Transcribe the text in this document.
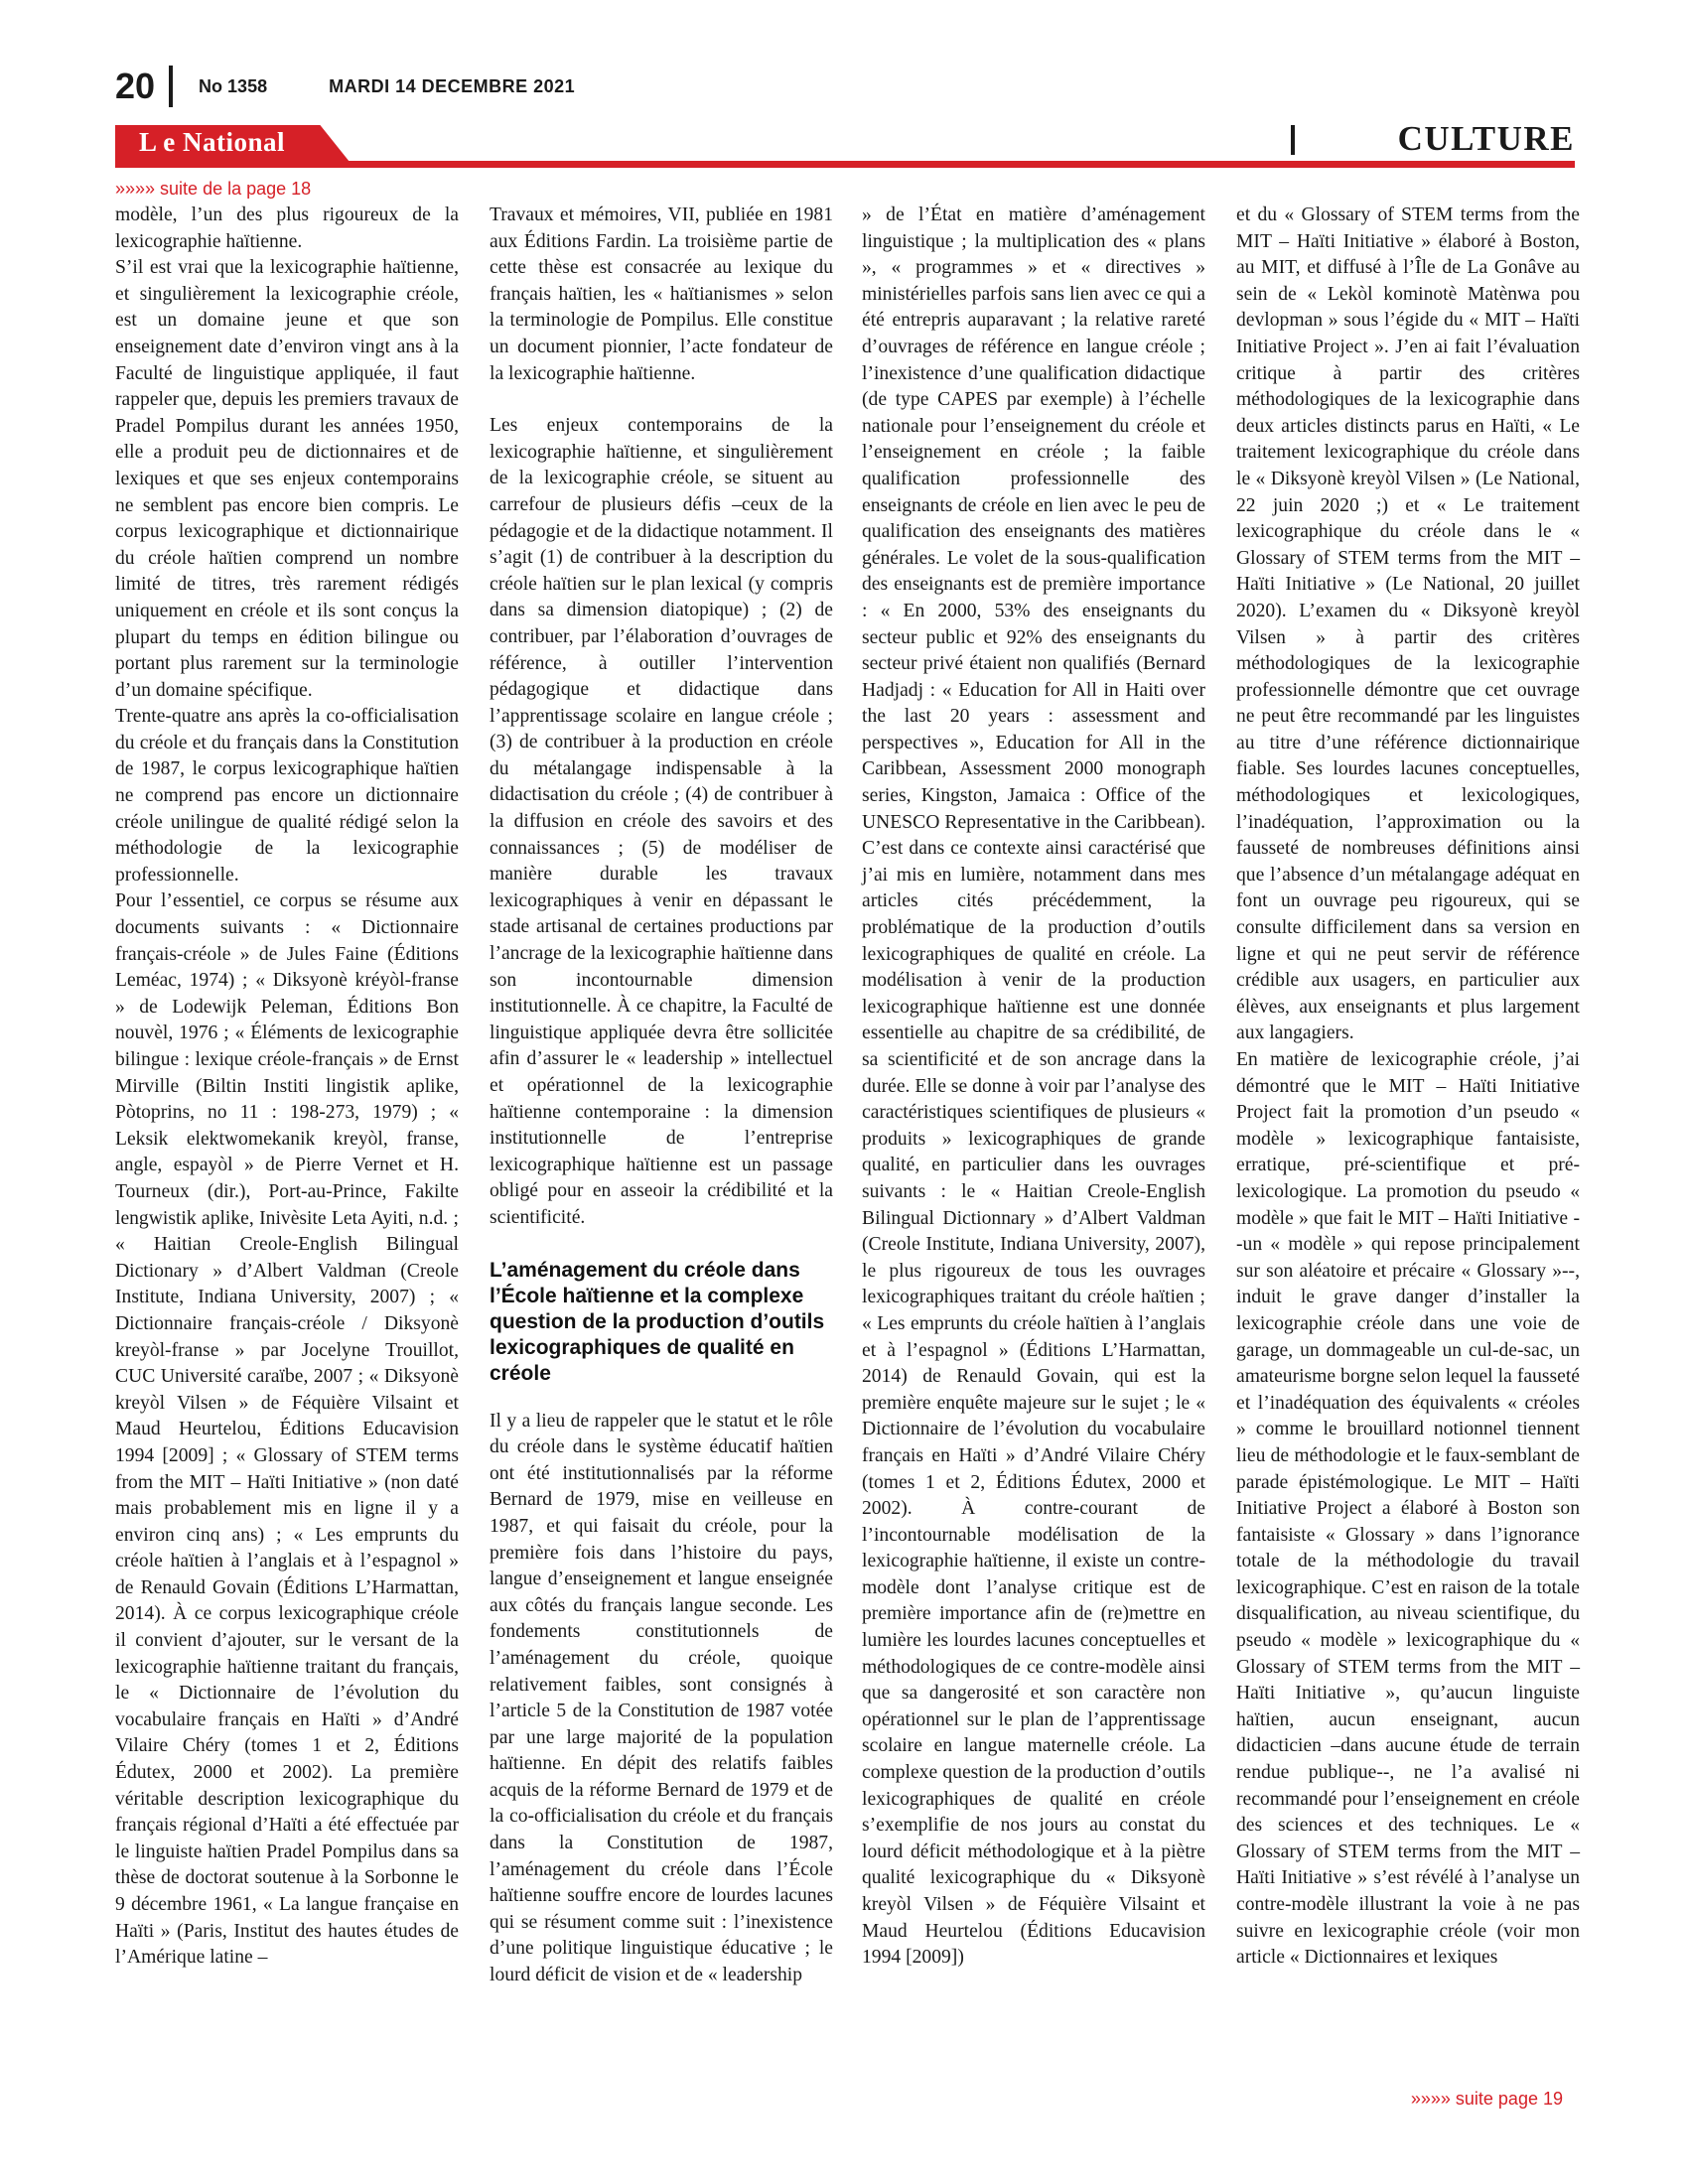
20 No 1358	MARDI 14 DECEMBRE 2021
L e National	CULTURE
»»»» suite de la page 18

modèle, l’un des plus rigoureux de la lexicographie haïtienne.

S’il est vrai que la lexicographie haïtienne, et singulièrement la lexicographie créole, est un domaine jeune et que son enseignement date d’environ vingt ans à la Faculté de linguistique appliquée, il faut rappeler que, depuis les premiers travaux de Pradel Pompilus durant les années 1950, elle a produit peu de dictionnaires et de lexiques et que ses enjeux contemporains ne semblent pas encore bien compris. Le corpus lexicographique et dictionnairique du créole haïtien comprend un nombre limité de titres, très rarement rédigés uniquement en créole et ils sont conçus la plupart du temps en édition bilingue ou portant plus rarement sur la terminologie d’un domaine spécifique.

Trente-quatre ans après la co-officialisation du créole et du français dans la Constitution de 1987, le corpus lexicographique haïtien ne comprend pas encore un dictionnaire créole unilingue de qualité rédigé selon la méthodologie de la lexicographie professionnelle.

Pour l’essentiel, ce corpus se résume aux documents suivants : « Dictionnaire français-créole » de Jules Faine (Éditions Leméac, 1974) ; « Diksyonè kréyòl-franse » de Lodewijk Peleman, Éditions Bon nouvèl, 1976 ; « Éléments de lexicographie bilingue : lexique créole-français » de Ernst Mirville (Biltin Institi lingistik aplike, Pòtoprins, no 11 : 198-273, 1979) ; « Leksik elektwomekanik kreyòl, franse, angle, espayòl » de Pierre Vernet et H. Tourneux (dir.), Port-au-Prince, Fakilte lengwistik aplike, Inivèsite Leta Ayiti, n.d. ; « Haitian Creole-English Bilingual Dictionary » d’Albert Valdman (Creole Institute, Indiana University, 2007) ; « Dictionnaire français-créole / Diksyonè kreyòl-franse » par Jocelyne Trouillot, CUC Université caraïbe, 2007 ; « Diksyonè kreyòl Vilsen » de Féquière Vilsaint et Maud Heurtelou, Éditions Educavision 1994 [2009] ; « Glossary of STEM terms from the MIT – Haïti Initiative » (non daté mais probablement mis en ligne il y a environ cinq ans) ; « Les emprunts du créole haïtien à l’anglais et à l’espagnol » de Renauld Govain (Éditions L’Harmattan, 2014). À ce corpus lexicographique créole il convient d’ajouter, sur le versant de la lexicographie haïtienne traitant du français, le « Dictionnaire de l’évolution du vocabulaire français en Haïti » d’André Vilaire Chéry (tomes 1 et 2, Éditions Édutex, 2000 et 2002). La première véritable description lexicographique du français régional d’Haïti a été effectuée par le linguiste haïtien Pradel Pompilus dans sa thèse de doctorat soutenue à la Sorbonne le 9 décembre 1961, « La langue française en Haïti » (Paris, Institut des hautes études de l’Amérique latine –

Travaux et mémoires, VII, publiée en 1981 aux Éditions Fardin. La troisième partie de cette thèse est consacrée au lexique du français haïtien, les « haïtianismes » selon la terminologie de Pompilus. Elle constitue un document pionnier, l’acte fondateur de la lexicographie haïtienne.

Les enjeux contemporains de la lexicographie haïtienne, et singulièrement de la lexicographie créole, se situent au carrefour de plusieurs défis –ceux de la pédagogie et de la didactique notamment. Il s’agit (1) de contribuer à la description du créole haïtien sur le plan lexical (y compris dans sa dimension diatopique) ; (2) de contribuer, par l’élaboration d’ouvrages de référence, à outiller l’intervention pédagogique et didactique dans l’apprentissage scolaire en langue créole ; (3) de contribuer à la production en créole du métalangage indispensable à la didactisation du créole ; (4) de contribuer à la diffusion en créole des savoirs et des connaissances ; (5) de modéliser de manière durable les travaux lexicographiques à venir en dépassant le stade artisanal de certaines productions par l’ancrage de la lexicographie haïtienne dans son incontournable dimension institutionnelle. À ce chapitre, la Faculté de linguistique appliquée devra être sollicitée afin d’assurer le « leadership » intellectuel et opérationnel de la lexicographie haïtienne contemporaine : la dimension institutionnelle de l’entreprise lexicographique haïtienne est un passage obligé pour en asseoir la crédibilité et la scientificité.

L’aménagement du créole dans l’École haïtienne et la complexe question de la production d’outils lexicographiques de qualité en créole

Il y a lieu de rappeler que le statut et le rôle du créole dans le système éducatif haïtien ont été institutionnalisés par la réforme Bernard de 1979, mise en veilleuse en 1987, et qui faisait du créole, pour la première fois dans l’histoire du pays, langue d’enseignement et langue enseignée aux côtés du français langue seconde. Les fondements constitutionnels de l’aménagement du créole, quoique relativement faibles, sont consignés à l’article 5 de la Constitution de 1987 votée par une large majorité de la population haïtienne. En dépit des relatifs faibles acquis de la réforme Bernard de 1979 et de la co-officialisation du créole et du français dans la Constitution de 1987, l’aménagement du créole dans l’École haïtienne souffre encore de lourdes lacunes qui se résument comme suit : l’inexistence d’une politique linguistique éducative ; le lourd déficit de vision et de « leadership

» de l’État en matière d’aménagement linguistique ; la multiplication des « plans », « programmes » et « directives » ministérielles parfois sans lien avec ce qui a été entrepris auparavant ; la relative rareté d’ouvrages de référence en langue créole ; l’inexistence d’une qualification didactique (de type CAPES par exemple) à l’échelle nationale pour l’enseignement du créole et l’enseignement en créole ; la faible qualification professionnelle des enseignants de créole en lien avec le peu de qualification des enseignants des matières générales. Le volet de la sous-qualification des enseignants est de première importance : « En 2000, 53% des enseignants du secteur public et 92% des enseignants du secteur privé étaient non qualifiés (Bernard Hadjadj : « Education for All in Haiti over the last 20 years : assessment and perspectives », Education for All in the Caribbean, Assessment 2000 monograph series, Kingston, Jamaica : Office of the UNESCO Representative in the Caribbean). C’est dans ce contexte ainsi caractérisé que j’ai mis en lumière, notamment dans mes articles cités précédemment, la problématique de la production d’outils lexicographiques de qualité en créole. La modélisation à venir de la production lexicographique haïtienne est une donnée essentielle au chapitre de sa crédibilité, de sa scientificité et de son ancrage dans la durée. Elle se donne à voir par l’analyse des caractéristiques scientifiques de plusieurs « produits » lexicographiques de grande qualité, en particulier dans les ouvrages suivants : le « Haitian Creole-English Bilingual Dictionnary » d’Albert Valdman (Creole Institute, Indiana University, 2007), le plus rigoureux de tous les ouvrages lexicographiques traitant du créole haïtien ; « Les emprunts du créole haïtien à l’anglais et à l’espagnol » (Éditions L’Harmattan, 2014) de Renauld Govain, qui est la première enquête majeure sur le sujet ; le « Dictionnaire de l’évolution du vocabulaire français en Haïti » d’André Vilaire Chéry (tomes 1 et 2, Éditions Édutex, 2000 et 2002). À contre-courant de l’incontournable modélisation de la lexicographie haïtienne, il existe un contre-modèle dont l’analyse critique est de première importance afin de (re)mettre en lumière les lourdes lacunes conceptuelles et méthodologiques de ce contre-modèle ainsi que sa dangerosité et son caractère non opérationnel sur le plan de l’apprentissage scolaire en langue maternelle créole. La complexe question de la production d’outils lexicographiques de qualité en créole s’exemplifie de nos jours au constat du lourd déficit méthodologique et à la piètre qualité lexicographique du « Diksyonè kreyòl Vilsen » de Féquière Vilsaint et Maud Heurtelou (Éditions Educavision 1994 [2009])

et du « Glossary of STEM terms from the MIT – Haïti Initiative » élaboré à Boston, au MIT, et diffusé à l’Île de La Gonâve au sein de « Lekòl kominotè Matènwa pou devlopman » sous l’égide du « MIT – Haïti Initiative Project ». J’en ai fait l’évaluation critique à partir des critères méthodologiques de la lexicographie dans deux articles distincts parus en Haïti, « Le traitement lexicographique du créole dans le « Diksyonè kreyòl Vilsen » (Le National, 22 juin 2020 ;) et « Le traitement lexicographique du créole dans le « Glossary of STEM terms from the MIT – Haïti Initiative » (Le National, 20 juillet 2020). L’examen du « Diksyonè kreyòl Vilsen » à partir des critères méthodologiques de la lexicographie professionnelle démontre que cet ouvrage ne peut être recommandé par les linguistes au titre d’une référence dictionnairique fiable. Ses lourdes lacunes conceptuelles, méthodologiques et lexicologiques, l’inadéquation, l’approximation ou la fausseté de nombreuses définitions ainsi que l’absence d’un métalangage adéquat en font un ouvrage peu rigoureux, qui se consulte difficilement dans sa version en ligne et qui ne peut servir de référence crédible aux usagers, en particulier aux élèves, aux enseignants et plus largement aux langagiers.

En matière de lexicographie créole, j’ai démontré que le MIT – Haïti Initiative Project fait la promotion d’un pseudo « modèle » lexicographique fantaisiste, erratique, pré-scientifique et pré-lexicologique. La promotion du pseudo « modèle » que fait le MIT – Haïti Initiative --un « modèle » qui repose principalement sur son aléatoire et précaire « Glossary »--, induit le grave danger d’installer la lexicographie créole dans une voie de garage, un dommageable un cul-de-sac, un amateurisme borgne selon lequel la fausseté et l’inadéquation des équivalents « créoles » comme le brouillard notionnel tiennent lieu de méthodologie et le faux-semblant de parade épistémologique. Le MIT – Haïti Initiative Project a élaboré à Boston son fantaisiste « Glossary » dans l’ignorance totale de la méthodologie du travail lexicographique. C’est en raison de la totale disqualification, au niveau scientifique, du pseudo « modèle » lexicographique du « Glossary of STEM terms from the MIT – Haïti Initiative », qu’aucun linguiste haïtien, aucun enseignant, aucun didacticien –dans aucune étude de terrain rendue publique--, ne l’a avalisé ni recommandé pour l’enseignement en créole des sciences et des techniques. Le « Glossary of STEM terms from the MIT – Haïti Initiative » s’est révélé à l’analyse un contre-modèle illustrant la voie à ne pas suivre en lexicographie créole (voir mon article « Dictionnaires et lexiques

»»»» suite page 19
